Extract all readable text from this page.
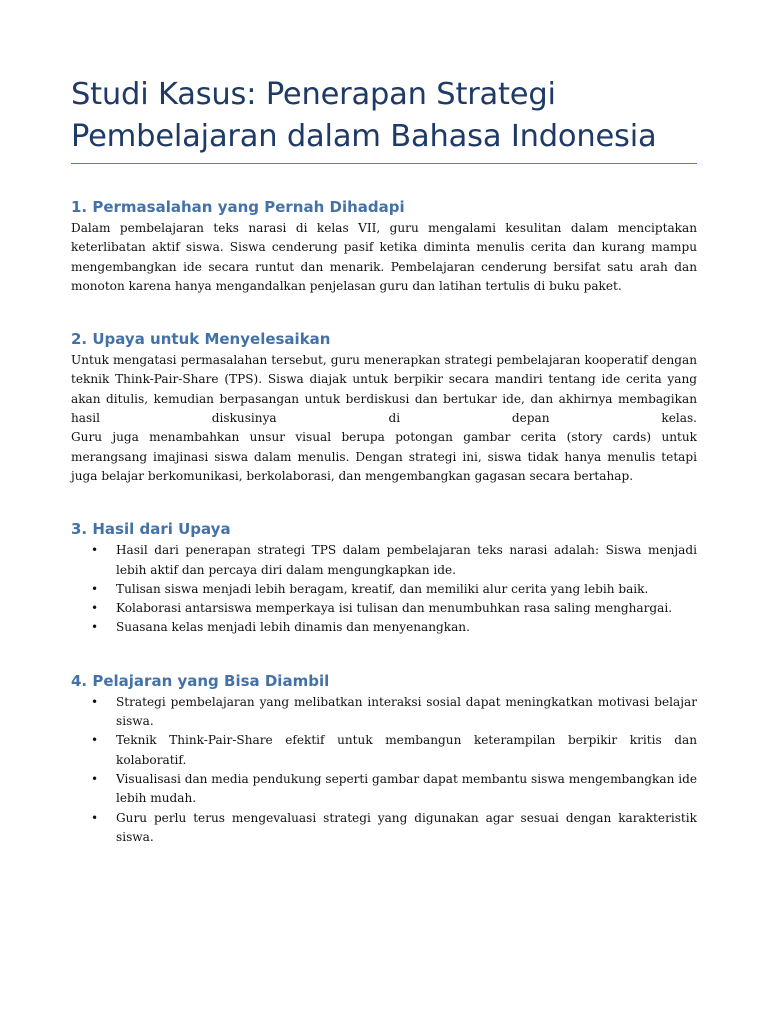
Studi Kasus: Penerapan Strategi Pembelajaran dalam Bahasa Indonesia
1. Permasalahan yang Pernah Dihadapi

Dalam pembelajaran teks narasi di kelas VII, guru mengalami kesulitan dalam menciptakan keterlibatan aktif siswa. Siswa cenderung pasif ketika diminta menulis cerita dan kurang mampu mengembangkan ide secara runtut dan menarik. Pembelajaran cenderung bersifat satu arah dan monoton karena hanya mengandalkan penjelasan guru dan latihan tertulis di buku paket.

2. Upaya untuk Menyelesaikan

Untuk mengatasi permasalahan tersebut, guru menerapkan strategi pembelajaran kooperatif dengan teknik Think-Pair-Share (TPS). Siswa diajak untuk berpikir secara mandiri tentang ide cerita yang akan ditulis, kemudian berpasangan untuk berdiskusi dan bertukar ide, dan akhirnya membagikan hasil diskusinya di depan kelas.

Guru juga menambahkan unsur visual berupa potongan gambar cerita (story cards) untuk merangsang imajinasi siswa dalam menulis. Dengan strategi ini, siswa tidak hanya menulis tetapi juga belajar berkomunikasi, berkolaborasi, dan mengembangkan gagasan secara bertahap.

3. Hasil dari Upaya
• Hasil dari penerapan strategi TPS dalam pembelajaran teks narasi adalah: Siswa menjadi lebih aktif dan percaya diri dalam mengungkapkan ide.
• Tulisan siswa menjadi lebih beragam, kreatif, dan memiliki alur cerita yang lebih baik.
• Kolaborasi antarsiswa memperkaya isi tulisan dan menumbuhkan rasa saling menghargai.
• Suasana kelas menjadi lebih dinamis dan menyenangkan.
4. Pelajaran yang Bisa Diambil
• Strategi pembelajaran yang melibatkan interaksi sosial dapat meningkatkan motivasi belajar siswa.
• Teknik Think-Pair-Share efektif untuk membangun keterampilan berpikir kritis dan kolaboratif.
• Visualisasi dan media pendukung seperti gambar dapat membantu siswa mengembangkan ide lebih mudah.
• Guru perlu terus mengevaluasi strategi yang digunakan agar sesuai dengan karakteristik siswa.
